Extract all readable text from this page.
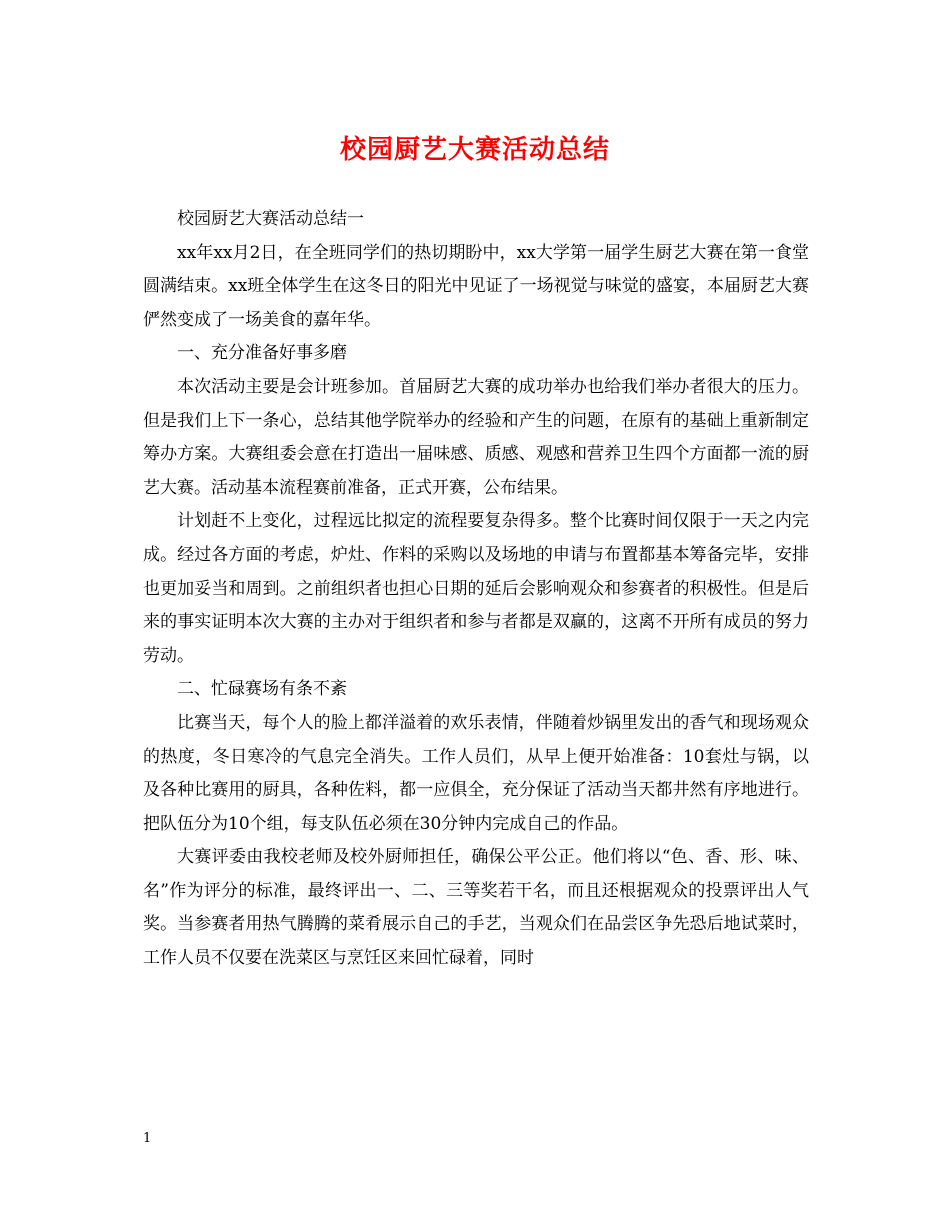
校园厨艺大赛活动总结

校园厨艺大赛活动总结一

xx年xx月2日，在全班同学们的热切期盼中，xx大学第一届学生厨艺大赛在第一食堂圆满结束。xx班全体学生在这冬日的阳光中见证了一场视觉与味觉的盛宴，本届厨艺大赛俨然变成了一场美食的嘉年华。

一、充分准备好事多磨

本次活动主要是会计班参加。首届厨艺大赛的成功举办也给我们举办者很大的压力。但是我们上下一条心，总结其他学院举办的经验和产生的问题，在原有的基础上重新制定筹办方案。大赛组委会意在打造出一届味感、质感、观感和营养卫生四个方面都一流的厨艺大赛。活动基本流程赛前准备，正式开赛，公布结果。

计划赶不上变化，过程远比拟定的流程要复杂得多。整个比赛时间仅限于一天之内完成。经过各方面的考虑，炉灶、作料的采购以及场地的申请与布置都基本筹备完毕，安排也更加妥当和周到。之前组织者也担心日期的延后会影响观众和参赛者的积极性。但是后来的事实证明本次大赛的主办对于组织者和参与者都是双赢的，这离不开所有成员的努力劳动。

二、忙碌赛场有条不紊

比赛当天，每个人的脸上都洋溢着的欢乐表情，伴随着炒锅里发出的香气和现场观众的热度，冬日寒冷的气息完全消失。工作人员们，从早上便开始准备：10套灶与锅，以及各种比赛用的厨具，各种佐料，都一应俱全，充分保证了活动当天都井然有序地进行。把队伍分为10个组，每支队伍必须在30分钟内完成自己的作品。

大赛评委由我校老师及校外厨师担任，确保公平公正。他们将以“色、香、形、味、名”作为评分的标准，最终评出一、二、三等奖若干名，而且还根据观众的投票评出人气奖。当参赛者用热气腾腾的菜肴展示自己的手艺，当观众们在品尝区争先恐后地试菜时，工作人员不仅要在洗菜区与烹饪区来回忙碌着，同时

1
